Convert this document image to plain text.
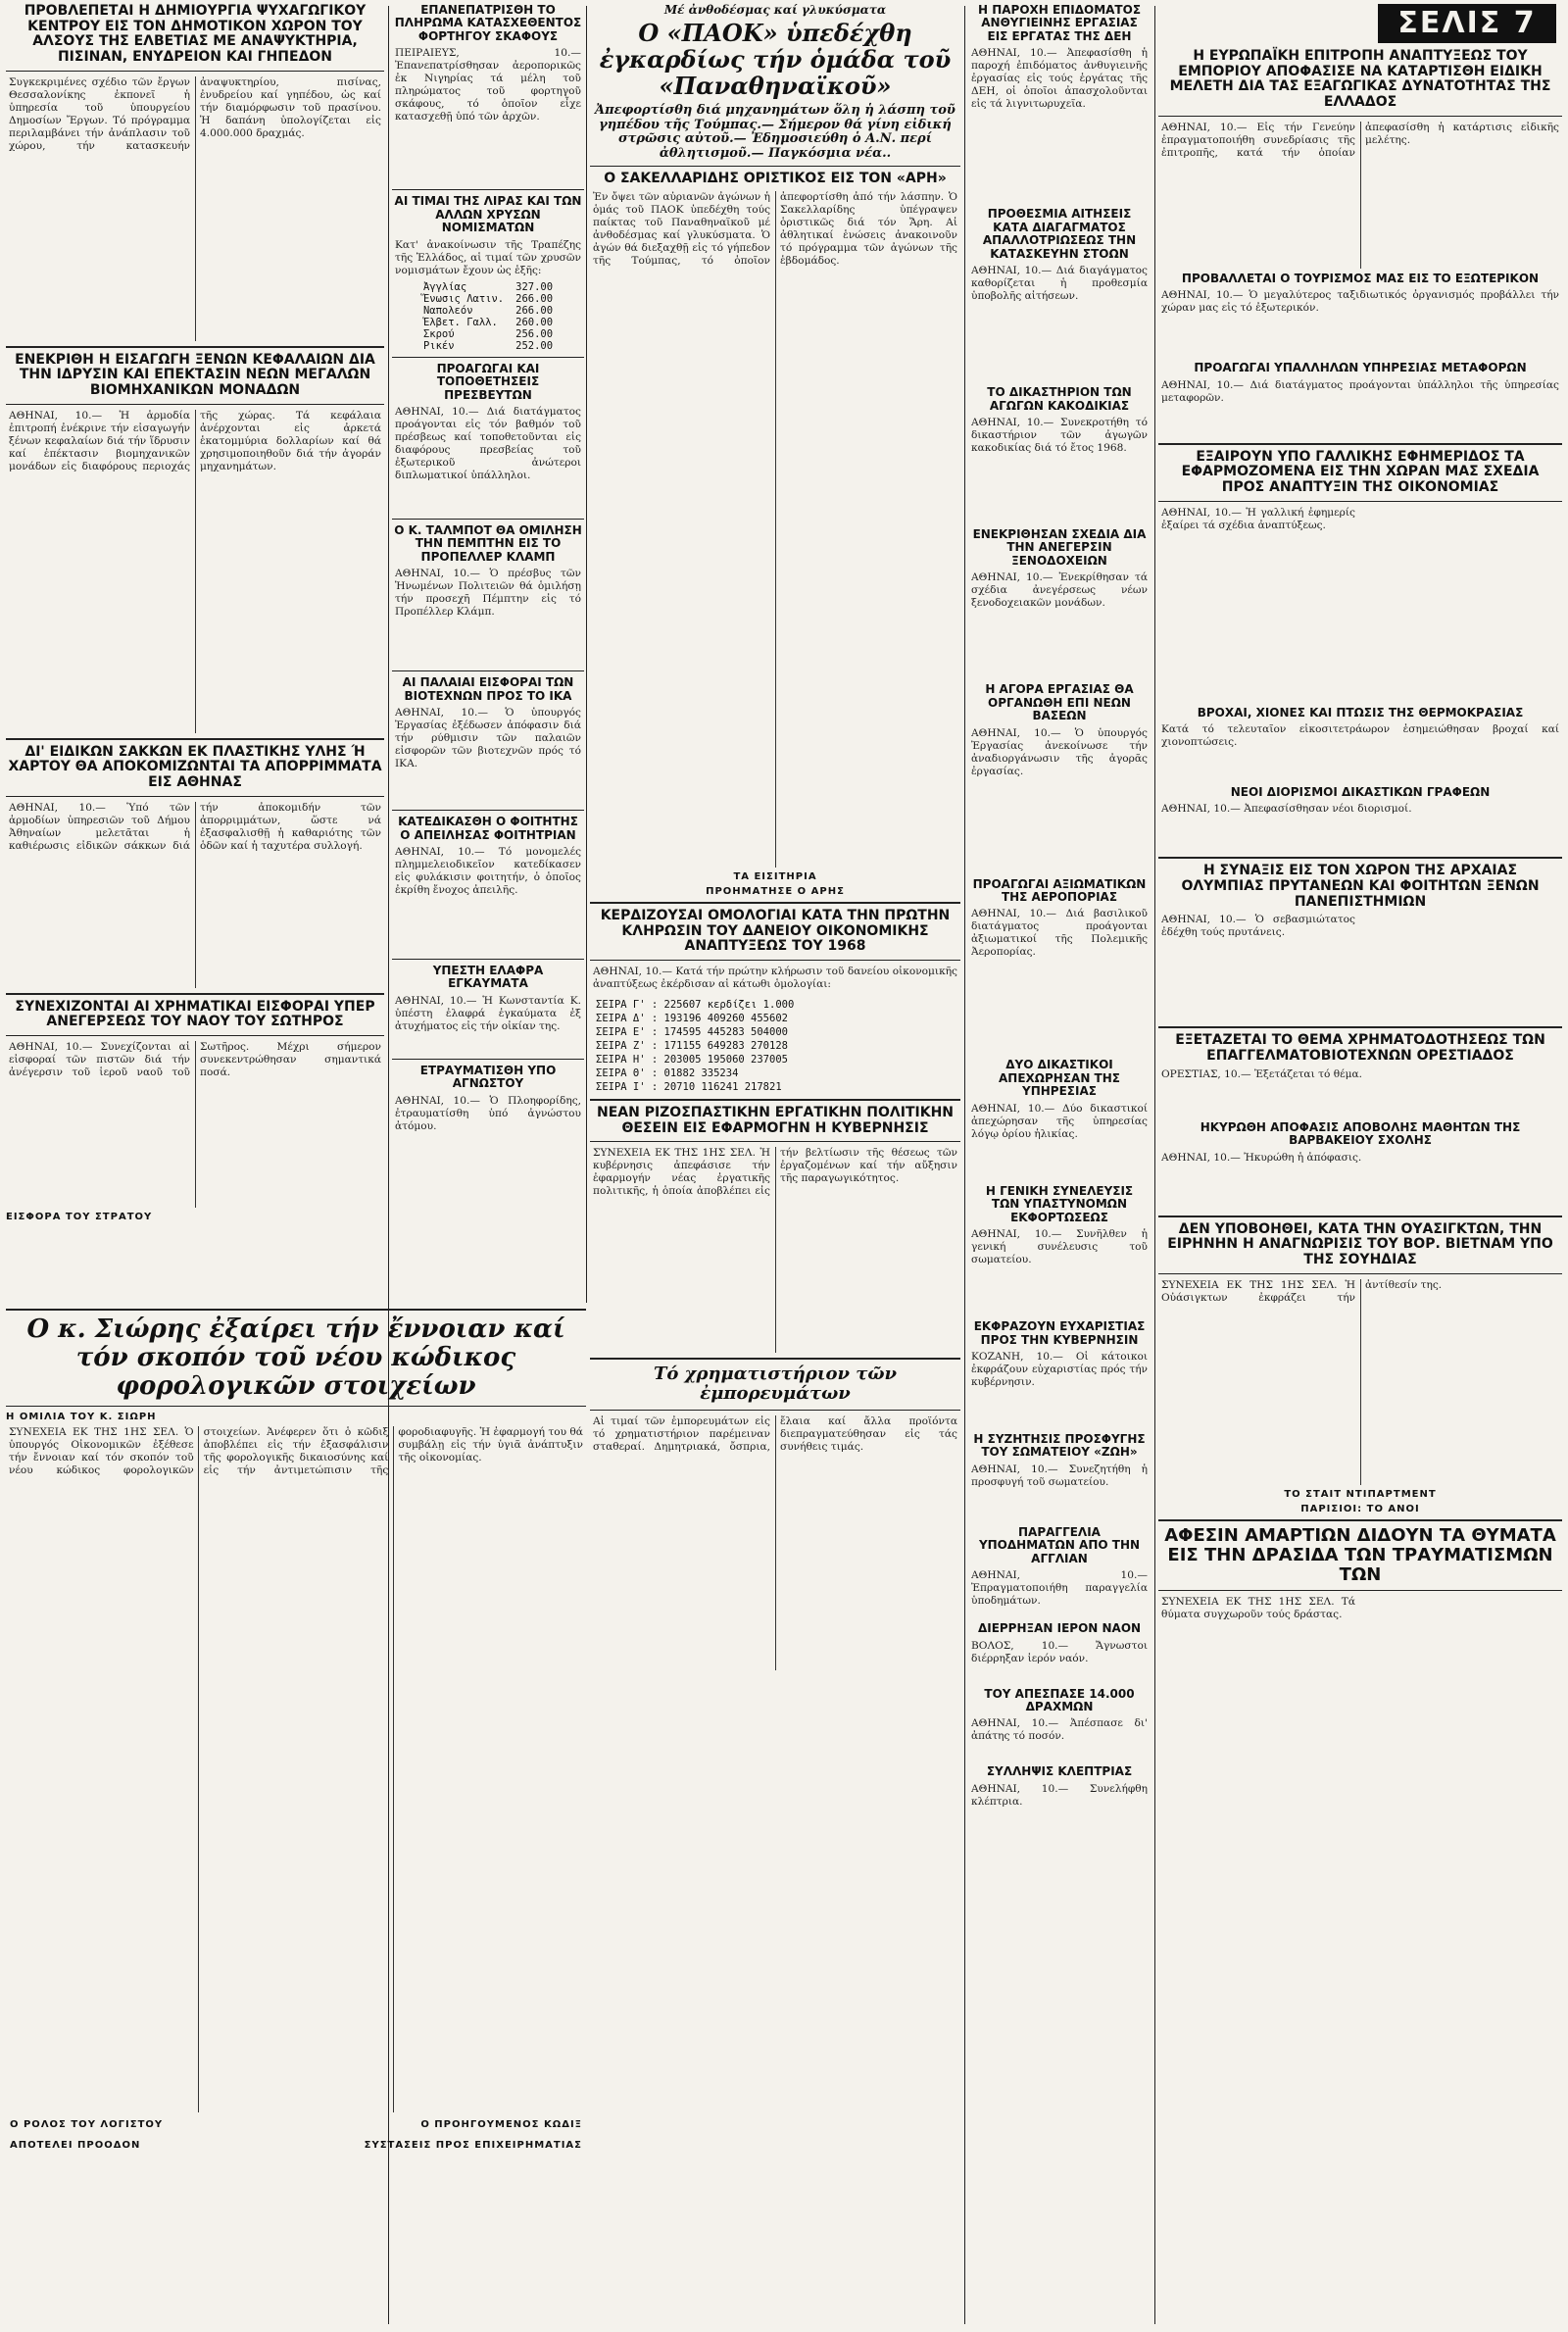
ΠΡΟΒΛΕΠΕΤΑΙ Η ΔΗΜΙΟΥΡΓΙΑ ΨΥΧΑΓΩΓΙΚΟΥ ΚΕΝΤΡΟΥ ΕΙΣ ΤΟΝ ΔΗΜΟΤΙΚΟΝ ΧΩΡΟΝ ΤΟΥ ΑΛΣΟΥΣ ΤΗΣ ΕΛΒΕΤΙΑΣ ΜΕ ΑΝΑΨΥΚΤΗΡΙΑ, ΠΙΣΙΝΑΝ, ΕΝΥΔΡΕΙΟΝ ΚΑΙ ΓΗΠΕΔΟΝ
Συγκεκριμένες σχέδιο τῶν ἔργων Θεσσαλονίκης ἐκπονεῖ ἡ ὑπηρεσία τοῦ ὑπουργείου Δημοσίων Ἔργων. Τό πρόγραμμα περιλαμβάνει τήν ἀνάπλασιν τοῦ χώρου, τήν κατασκευήν ἀναψυκτηρίου, πισίνας, ἐνυδρείου καί γηπέδου, ὡς καί τήν διαμόρφωσιν τοῦ πρασίνου. Ἡ δαπάνη ὑπολογίζεται εἰς 4.000.000 δραχμάς.
ΕΝΕΚΡΙΘΗ Η ΕΙΣΑΓΩΓΗ ΞΕΝΩΝ ΚΕΦΑΛΑΙΩΝ ΔΙΑ ΤΗΝ ΙΔΡΥΣΙΝ ΚΑΙ ΕΠΕΚΤΑΣΙΝ ΝΕΩΝ ΜΕΓΑΛΩΝ ΒΙΟΜΗΧΑΝΙΚΩΝ ΜΟΝΑΔΩΝ
ΑΘΗΝΑΙ, 10.— Ἡ ἁρμοδία ἐπιτροπή ἐνέκρινε τήν εἰσαγωγήν ξένων κεφαλαίων διά τήν ἵδρυσιν καί ἐπέκτασιν βιομηχανικῶν μονάδων εἰς διαφόρους περιοχάς τῆς χώρας. Τά κεφάλαια ἀνέρχονται εἰς ἀρκετά ἑκατομμύρια δολλαρίων καί θά χρησιμοποιηθοῦν διά τήν ἀγοράν μηχανημάτων.
ΔΙ' ΕΙΔΙΚΩΝ ΣΑΚΚΩΝ ΕΚ ΠΛΑΣΤΙΚΗΣ ΥΛΗΣ Ή ΧΑΡΤΟΥ ΘΑ ΑΠΟΚΟΜΙΖΩΝΤΑΙ ΤΑ ΑΠΟΡΡΙΜΜΑΤΑ ΕΙΣ ΑΘΗΝΑΣ
ΑΘΗΝΑΙ, 10.— Ὑπό τῶν ἁρμοδίων ὑπηρεσιῶν τοῦ Δήμου Ἀθηναίων μελετᾶται ἡ καθιέρωσις εἰδικῶν σάκκων διά τήν ἀποκομιδήν τῶν ἀπορριμμάτων, ὥστε νά ἐξασφαλισθῇ ἡ καθαριότης τῶν ὁδῶν καί ἡ ταχυτέρα συλλογή.
ΣΥΝΕΧΙΖΟΝΤΑΙ ΑΙ ΧΡΗΜΑΤΙΚΑΙ ΕΙΣΦΟΡΑΙ ΥΠΕΡ ΑΝΕΓΕΡΣΕΩΣ ΤΟΥ ΝΑΟΥ ΤΟΥ ΣΩΤΗΡΟΣ
ΑΘΗΝΑΙ, 10.— Συνεχίζονται αἱ εἰσφοραί τῶν πιστῶν διά τήν ἀνέγερσιν τοῦ ἱεροῦ ναοῦ τοῦ Σωτῆρος. Μέχρι σήμερον συνεκεντρώθησαν σημαντικά ποσά.
ΕΙΣΦΟΡΑ ΤΟΥ ΣΤΡΑΤΟΥ
ΕΠΑΝΕΠΑΤΡΙΣΘΗ ΤΟ ΠΛΗΡΩΜΑ ΚΑΤΑΣΧΕΘΕΝΤΟΣ ΦΟΡΤΗΓΟΥ ΣΚΑΦΟΥΣ
ΠΕΙΡΑΙΕΥΣ, 10.— Ἐπανεπατρίσθησαν ἀεροπορικῶς ἐκ Νιγηρίας τά μέλη τοῦ πληρώματος τοῦ φορτηγοῦ σκάφους, τό ὁποῖον εἶχε κατασχεθῇ ὑπό τῶν ἀρχῶν.
ΑΙ ΤΙΜΑΙ ΤΗΣ ΛΙΡΑΣ ΚΑΙ ΤΩΝ ΑΛΛΩΝ ΧΡΥΣΩΝ ΝΟΜΙΣΜΑΤΩΝ
Κατ' ἀνακοίνωσιν τῆς Τραπέζης τῆς Ἑλλάδος, αἱ τιμαί τῶν χρυσῶν νομισμάτων ἔχουν ὡς ἑξῆς:
Ἀγγλίας	327.00
Ἕνωσις Λατιν.	266.00
Ναπολεόν	266.00
Ἑλβετ. Γαλλ.	260.00
Σκρού	256.00
Ρικέν	252.00
ΠΡΟΑΓΩΓΑΙ ΚΑΙ ΤΟΠΟΘΕΤΗΣΕΙΣ ΠΡΕΣΒΕΥΤΩΝ
ΑΘΗΝΑΙ, 10.— Διά διατάγματος προάγονται εἰς τόν βαθμόν τοῦ πρέσβεως καί τοποθετοῦνται εἰς διαφόρους πρεσβείας τοῦ ἐξωτερικοῦ ἀνώτεροι διπλωματικοί ὑπάλληλοι.
Ο Κ. ΤΑΛΜΠΟΤ ΘΑ ΟΜΙΛΗΣΗ ΤΗΝ ΠΕΜΠΤΗΝ ΕΙΣ ΤΟ ΠΡΟΠΕΛΛΕΡ ΚΛΑΜΠ
ΑΘΗΝΑΙ, 10.— Ὁ πρέσβυς τῶν Ἡνωμένων Πολιτειῶν θά ὁμιλήσῃ τήν προσεχῆ Πέμπτην εἰς τό Προπέλλερ Κλάμπ.
ΑΙ ΠΑΛΑΙΑΙ ΕΙΣΦΟΡΑΙ ΤΩΝ ΒΙΟΤΕΧΝΩΝ ΠΡΟΣ ΤΟ ΙΚΑ
ΑΘΗΝΑΙ, 10.— Ὁ ὑπουργός Ἐργασίας ἐξέδωσεν ἀπόφασιν διά τήν ρύθμισιν τῶν παλαιῶν εἰσφορῶν τῶν βιοτεχνῶν πρός τό ΙΚΑ.
ΚΑΤΕΔΙΚΑΣΘΗ Ο ΦΟΙΤΗΤΗΣ Ο ΑΠΕΙΛΗΣΑΣ ΦΟΙΤΗΤΡΙΑΝ
ΑΘΗΝΑΙ, 10.— Τό μονομελές πλημμελειοδικεῖον κατεδίκασεν εἰς φυλάκισιν φοιτητήν, ὁ ὁποῖος ἐκρίθη ἔνοχος ἀπειλῆς.
ΥΠΕΣΤΗ ΕΛΑΦΡΑ ΕΓΚΑΥΜΑΤΑ
ΑΘΗΝΑΙ, 10.— Ἡ Κωνσταντία Κ. ὑπέστη ἐλαφρά ἐγκαύματα ἐξ ἀτυχήματος εἰς τήν οἰκίαν της.
ΕΤΡΑΥΜΑΤΙΣΘΗ ΥΠΟ ΑΓΝΩΣΤΟΥ
ΑΘΗΝΑΙ, 10.— Ὁ Πλοηφορίδης, ἐτραυματίσθη ὑπό ἀγνώστου ἀτόμου.
Μέ ἀνθοδέσμας καί γλυκύσματα
Ο «ΠΑΟΚ» ὑπεδέχθη ἐγκαρδίως τήν ὁμάδα τοῦ «Παναθηναϊκοῦ»
Ἀπεφορτίσθη διά μηχανημάτων ὅλη ἡ λάσπη τοῦ γηπέδου τῆς Τούμπας.— Σήμερον θά γίνη εἰδική στρῶσις αὐτοῦ.— Ἐδημοσιεύθη ὁ Α.Ν. περί ἀθλητισμοῦ.— Παγκόσμια νέα..
Ο ΣΑΚΕΛΛΑΡΙΔΗΣ ΟΡΙΣΤΙΚΟΣ ΕΙΣ ΤΟΝ «ΑΡΗ»
Ἐν ὄψει τῶν αὐριανῶν ἀγώνων ἡ ὁμάς τοῦ ΠΑΟΚ ὑπεδέχθη τούς παίκτας τοῦ Παναθηναϊκοῦ μέ ἀνθοδέσμας καί γλυκύσματα. Ὁ ἀγών θά διεξαχθῇ εἰς τό γήπεδον τῆς Τούμπας, τό ὁποῖον ἀπεφορτίσθη ἀπό τήν λάσπην. Ὁ Σακελλαρίδης ὑπέγραψεν ὁριστικῶς διά τόν Ἄρη. Αἱ ἀθλητικαί ἑνώσεις ἀνακοινοῦν τό πρόγραμμα τῶν ἀγώνων τῆς ἑβδομάδος.
ΤΑ ΕΙΣΙΤΗΡΙΑ
ΠΡΟΗΜΑΤΗΣΕ Ο ΑΡΗΣ
ΚΕΡΔΙΖΟΥΣΑΙ ΟΜΟΛΟΓΙΑΙ ΚΑΤΑ ΤΗΝ ΠΡΩΤΗΝ ΚΛΗΡΩΣΙΝ ΤΟΥ ΔΑΝΕΙΟΥ ΟΙΚΟΝΟΜΙΚΗΣ ΑΝΑΠΤΥΞΕΩΣ ΤΟΥ 1968
ΑΘΗΝΑΙ, 10.— Κατά τήν πρώτην κλήρωσιν τοῦ δανείου οἰκονομικῆς ἀναπτύξεως ἐκέρδισαν αἱ κάτωθι ὁμολογίαι:
ΣΕΙΡΑ Γ' : 225607 κερδίζει 1.000
ΣΕΙΡΑ Δ' : 193196 409260 455602
ΣΕΙΡΑ Ε' : 174595 445283 504000
ΣΕΙΡΑ Ζ' : 171155 649283 270128
ΣΕΙΡΑ Η' : 203005 195060 237005
ΣΕΙΡΑ Θ' : 01882 335234
ΣΕΙΡΑ Ι' : 20710 116241 217821
ΝΕΑΝ ΡΙΖΟΣΠΑΣΤΙΚΗΝ ΕΡΓΑΤΙΚΗΝ ΠΟΛΙΤΙΚΗΝ ΘΕΣΕΙΝ ΕΙΣ ΕΦΑΡΜΟΓΗΝ Η ΚΥΒΕΡΝΗΣΙΣ
ΣΥΝΕΧΕΙΑ ΕΚ ΤΗΣ 1ΗΣ ΣΕΛ. Ἡ κυβέρνησις ἀπεφάσισε τήν ἐφαρμογήν νέας ἐργατικῆς πολιτικῆς, ἡ ὁποία ἀποβλέπει εἰς τήν βελτίωσιν τῆς θέσεως τῶν ἐργαζομένων καί τήν αὔξησιν τῆς παραγωγικότητος.
Τό χρηματιστήριον τῶν ἐμπορευμάτων
Αἱ τιμαί τῶν ἐμπορευμάτων εἰς τό χρηματιστήριον παρέμειναν σταθεραί. Δημητριακά, ὄσπρια, ἔλαια καί ἄλλα προϊόντα διεπραγματεύθησαν εἰς τάς συνήθεις τιμάς.
Η ΠΑΡΟΧΗ ΕΠΙΔΟΜΑΤΟΣ ΑΝΘΥΓΙΕΙΝΗΣ ΕΡΓΑΣΙΑΣ ΕΙΣ ΕΡΓΑΤΑΣ ΤΗΣ ΔΕΗ
ΑΘΗΝΑΙ, 10.— Ἀπεφασίσθη ἡ παροχή ἐπιδόματος ἀνθυγιεινῆς ἐργασίας εἰς τούς ἐργάτας τῆς ΔΕΗ, οἱ ὁποῖοι ἀπασχολοῦνται εἰς τά λιγνιτωρυχεῖα.
ΠΡΟΘΕΣΜΙΑ ΑΙΤΗΣΕΙΣ ΚΑΤΑ ΔΙΑΓΑΓΜΑΤΟΣ ΑΠΑΛΛΟΤΡΙΩΣΕΩΣ ΤΗΝ ΚΑΤΑΣΚΕΥΗΝ ΣΤΟΩΝ
ΑΘΗΝΑΙ, 10.— Διά διαγάγματος καθορίζεται ἡ προθεσμία ὑποβολῆς αἰτήσεων.
ΤΟ ΔΙΚΑΣΤΗΡΙΟΝ ΤΩΝ ΑΓΩΓΩΝ ΚΑΚΟΔΙΚΙΑΣ
ΑΘΗΝΑΙ, 10.— Συνεκροτήθη τό δικαστήριον τῶν ἀγωγῶν κακοδικίας διά τό ἔτος 1968.
ΕΝΕΚΡΙΘΗΣΑΝ ΣΧΕΔΙΑ ΔΙΑ ΤΗΝ ΑΝΕΓΕΡΣΙΝ ΞΕΝΟΔΟΧΕΙΩΝ
ΑΘΗΝΑΙ, 10.— Ἐνεκρίθησαν τά σχέδια ἀνεγέρσεως νέων ξενοδοχειακῶν μονάδων.
Η ΑΓΟΡΑ ΕΡΓΑΣΙΑΣ ΘΑ ΟΡΓΑΝΩΘΗ ΕΠΙ ΝΕΩΝ ΒΑΣΕΩΝ
ΑΘΗΝΑΙ, 10.— Ὁ ὑπουργός Ἐργασίας ἀνεκοίνωσε τήν ἀναδιοργάνωσιν τῆς ἀγορᾶς ἐργασίας.
ΠΡΟΑΓΩΓΑΙ ΑΞΙΩΜΑΤΙΚΩΝ ΤΗΣ ΑΕΡΟΠΟΡΙΑΣ
ΑΘΗΝΑΙ, 10.— Διά βασιλικοῦ διατάγματος προάγονται ἀξιωματικοί τῆς Πολεμικῆς Ἀεροπορίας.
ΔΥΟ ΔΙΚΑΣΤΙΚΟΙ ΑΠΕΧΩΡΗΣΑΝ ΤΗΣ ΥΠΗΡΕΣΙΑΣ
ΑΘΗΝΑΙ, 10.— Δύο δικαστικοί ἀπεχώρησαν τῆς ὑπηρεσίας λόγῳ ὁρίου ἡλικίας.
Η ΓΕΝΙΚΗ ΣΥΝΕΛΕΥΣΙΣ ΤΩΝ ΥΠΑΣΤΥΝΟΜΩΝ ΕΚΦΟΡΤΩΣΕΩΣ
ΑΘΗΝΑΙ, 10.— Συνῆλθεν ἡ γενική συνέλευσις τοῦ σωματείου.
ΕΚΦΡΑΖΟΥΝ ΕΥΧΑΡΙΣΤΙΑΣ ΠΡΟΣ ΤΗΝ ΚΥΒΕΡΝΗΣΙΝ
ΚΟΖΑΝΗ, 10.— Οἱ κάτοικοι ἐκφράζουν εὐχαριστίας πρός τήν κυβέρνησιν.
Η ΣΥΖΗΤΗΣΙΣ ΠΡΟΣΦΥΓΗΣ ΤΟΥ ΣΩΜΑΤΕΙΟΥ «ΖΩΗ»
ΑΘΗΝΑΙ, 10.— Συνεζητήθη ἡ προσφυγή τοῦ σωματείου.
ΠΑΡΑΓΓΕΛΙΑ ΥΠΟΔΗΜΑΤΩΝ ΑΠΟ ΤΗΝ ΑΓΓΛΙΑΝ
ΑΘΗΝΑΙ, 10.— Ἐπραγματοποιήθη παραγγελία ὑποδημάτων.
ΔΙΕΡΡΗΞΑΝ ΙΕΡΟΝ ΝΑΟΝ
ΒΟΛΟΣ, 10.— Ἄγνωστοι διέρρηξαν ἱερόν ναόν.
ΤΟΥ ΑΠΕΣΠΑΣΕ 14.000 ΔΡΑΧΜΩΝ
ΑΘΗΝΑΙ, 10.— Ἀπέσπασε δι' ἀπάτης τό ποσόν.
ΣΥΛΛΗΨΙΣ ΚΛΕΠΤΡΙΑΣ
ΑΘΗΝΑΙ, 10.— Συνελήφθη κλέπτρια.
ΣΕΛΙΣ 7
Η ΕΥΡΩΠΑΪΚΗ ΕΠΙΤΡΟΠΗ ΑΝΑΠΤΥΞΕΩΣ ΤΟΥ ΕΜΠΟΡΙΟΥ ΑΠΟΦΑΣΙΣΕ ΝΑ ΚΑΤΑΡΤΙΣΘΗ ΕΙΔΙΚΗ ΜΕΛΕΤΗ ΔΙΑ ΤΑΣ ΕΞΑΓΩΓΙΚΑΣ ΔΥΝΑΤΟΤΗΤΑΣ ΤΗΣ ΕΛΛΑΔΟΣ
ΑΘΗΝΑΙ, 10.— Εἰς τήν Γενεύην ἐπραγματοποιήθη συνεδρίασις τῆς ἐπιτροπῆς, κατά τήν ὁποίαν ἀπεφασίσθη ἡ κατάρτισις εἰδικῆς μελέτης.
ΠΡΟΒΑΛΛΕΤΑΙ Ο ΤΟΥΡΙΣΜΟΣ ΜΑΣ ΕΙΣ ΤΟ ΕΞΩΤΕΡΙΚΟΝ
ΑΘΗΝΑΙ, 10.— Ὁ μεγαλύτερος ταξιδιωτικός ὀργανισμός προβάλλει τήν χώραν μας εἰς τό ἐξωτερικόν.
ΠΡΟΑΓΩΓΑΙ ΥΠΑΛΛΗΛΩΝ ΥΠΗΡΕΣΙΑΣ ΜΕΤΑΦΟΡΩΝ
ΑΘΗΝΑΙ, 10.— Διά διατάγματος προάγονται ὑπάλληλοι τῆς ὑπηρεσίας μεταφορῶν.
ΕΞΑΙΡΟΥΝ ΥΠΟ ΓΑΛΛΙΚΗΣ ΕΦΗΜΕΡΙΔΟΣ ΤΑ ΕΦΑΡΜΟΖΟΜΕΝΑ ΕΙΣ ΤΗΝ ΧΩΡΑΝ ΜΑΣ ΣΧΕΔΙΑ ΠΡΟΣ ΑΝΑΠΤΥΞΙΝ ΤΗΣ ΟΙΚΟΝΟΜΙΑΣ
ΑΘΗΝΑΙ, 10.— Ἡ γαλλική ἐφημερίς ἐξαίρει τά σχέδια ἀναπτύξεως.
ΒΡΟΧΑΙ, ΧΙΟΝΕΣ ΚΑΙ ΠΤΩΣΙΣ ΤΗΣ ΘΕΡΜΟΚΡΑΣΙΑΣ
Κατά τό τελευταῖον εἰκοσιτετράωρον ἐσημειώθησαν βροχαί καί χιονοπτώσεις.
ΝΕΟΙ ΔΙΟΡΙΣΜΟΙ ΔΙΚΑΣΤΙΚΩΝ ΓΡΑΦΕΩΝ
ΑΘΗΝΑΙ, 10.— Ἀπεφασίσθησαν νέοι διορισμοί.
Η ΣΥΝΑΞΙΣ ΕΙΣ ΤΟΝ ΧΩΡΟΝ ΤΗΣ ΑΡΧΑΙΑΣ ΟΛΥΜΠΙΑΣ ΠΡΥΤΑΝΕΩΝ ΚΑΙ ΦΟΙΤΗΤΩΝ ΞΕΝΩΝ ΠΑΝΕΠΙΣΤΗΜΙΩΝ
ΑΘΗΝΑΙ, 10.— Ὁ σεβασμιώτατος ἐδέχθη τούς πρυτάνεις.
ΕΞΕΤΑΖΕΤΑΙ ΤΟ ΘΕΜΑ ΧΡΗΜΑΤΟΔΟΤΗΣΕΩΣ ΤΩΝ ΕΠΑΓΓΕΛΜΑΤΟΒΙΟΤΕΧΝΩΝ ΟΡΕΣΤΙΑΔΟΣ
ΟΡΕΣΤΙΑΣ, 10.— Ἐξετάζεται τό θέμα.
ΗΚΥΡΩΘΗ ΑΠΟΦΑΣΙΣ ΑΠΟΒΟΛΗΣ ΜΑΘΗΤΩΝ ΤΗΣ ΒΑΡΒΑΚΕΙΟΥ ΣΧΟΛΗΣ
ΑΘΗΝΑΙ, 10.— Ἠκυρώθη ἡ ἀπόφασις.
ΔΕΝ ΥΠΟΒΟΗΘΕΙ, ΚΑΤΑ ΤΗΝ ΟΥΑΣΙΓΚΤΩΝ, ΤΗΝ ΕΙΡΗΝΗΝ Η ΑΝΑΓΝΩΡΙΣΙΣ ΤΟΥ ΒΟΡ. ΒΙΕΤΝΑΜ ΥΠΟ ΤΗΣ ΣΟΥΗΔΙΑΣ
ΣΥΝΕΧΕΙΑ ΕΚ ΤΗΣ 1ΗΣ ΣΕΛ. Ἡ Οὐάσιγκτων ἐκφράζει τήν ἀντίθεσίν της.
ΤΟ ΣΤΑΙΤ ΝΤΙΠΑΡΤΜΕΝΤ
ΠΑΡΙΣΙΟΙ: ΤΟ ΑΝΟΙ
ΑΦΕΣΙΝ ΑΜΑΡΤΙΩΝ ΔΙΔΟΥΝ ΤΑ ΘΥΜΑΤΑ ΕΙΣ ΤΗΝ ΔΡΑΣΙΔΑ ΤΩΝ ΤΡΑΥΜΑΤΙΣΜΩΝ ΤΩΝ
ΣΥΝΕΧΕΙΑ ΕΚ ΤΗΣ 1ΗΣ ΣΕΛ. Τά θύματα συγχωροῦν τούς δράστας.
Ο κ. Σιώρης ἐξαίρει τήν ἔννοιαν καί τόν σκοπόν τοῦ νέου κώδικος φορολογικῶν στοιχείων
Η ΟΜΙΛΙΑ ΤΟΥ Κ. ΣΙΩΡΗ
ΣΥΝΕΧΕΙΑ ΕΚ ΤΗΣ 1ΗΣ ΣΕΛ. Ὁ ὑπουργός Οἰκονομικῶν ἐξέθεσε τήν ἔννοιαν καί τόν σκοπόν τοῦ νέου κώδικος φορολογικῶν στοιχείων. Ἀνέφερεν ὅτι ὁ κῶδιξ ἀποβλέπει εἰς τήν ἐξασφάλισιν τῆς φορολογικῆς δικαιοσύνης καί εἰς τήν ἀντιμετώπισιν τῆς φοροδιαφυγῆς. Ἡ ἐφαρμογή του θά συμβάλῃ εἰς τήν ὑγιᾶ ἀνάπτυξιν τῆς οἰκονομίας.
Ο ΡΟΛΟΣ ΤΟΥ ΛΟΓΙΣΤΟΥ	Ο ΠΡΟΗΓΟΥΜΕΝΟΣ ΚΩΔΙΞ
ΑΠΟΤΕΛΕΙ ΠΡΟΟΔΟΝ	ΣΥΣΤΑΣΕΙΣ ΠΡΟΣ ΕΠΙΧΕΙΡΗΜΑΤΙΑΣ
